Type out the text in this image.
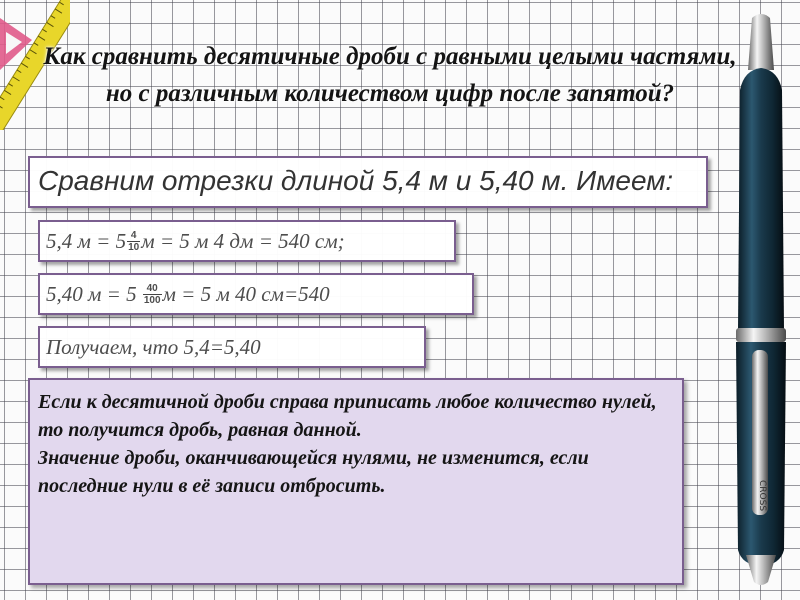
Как сравнить десятичные дроби с равными целыми частями, но с различным количеством цифр после запятой?
Сравним отрезки длиной 5,4 м и 5,40 м. Имеем:
5,4 $м = 5 \frac{4}{10}$ м = 5 м 4 дм = 540 см;
5,40 $м = 5 \frac{40}{100}$ м = 5 м 40 см=540
Получаем, что 5,4=5,40

Если к десятичной дроби справа приписать любое количество нулей, то получится дробь, равная данной.

Значение дроби, оканчивающейся нулями, не изменится, если последние нули в её записи отбросить.	CROSS
